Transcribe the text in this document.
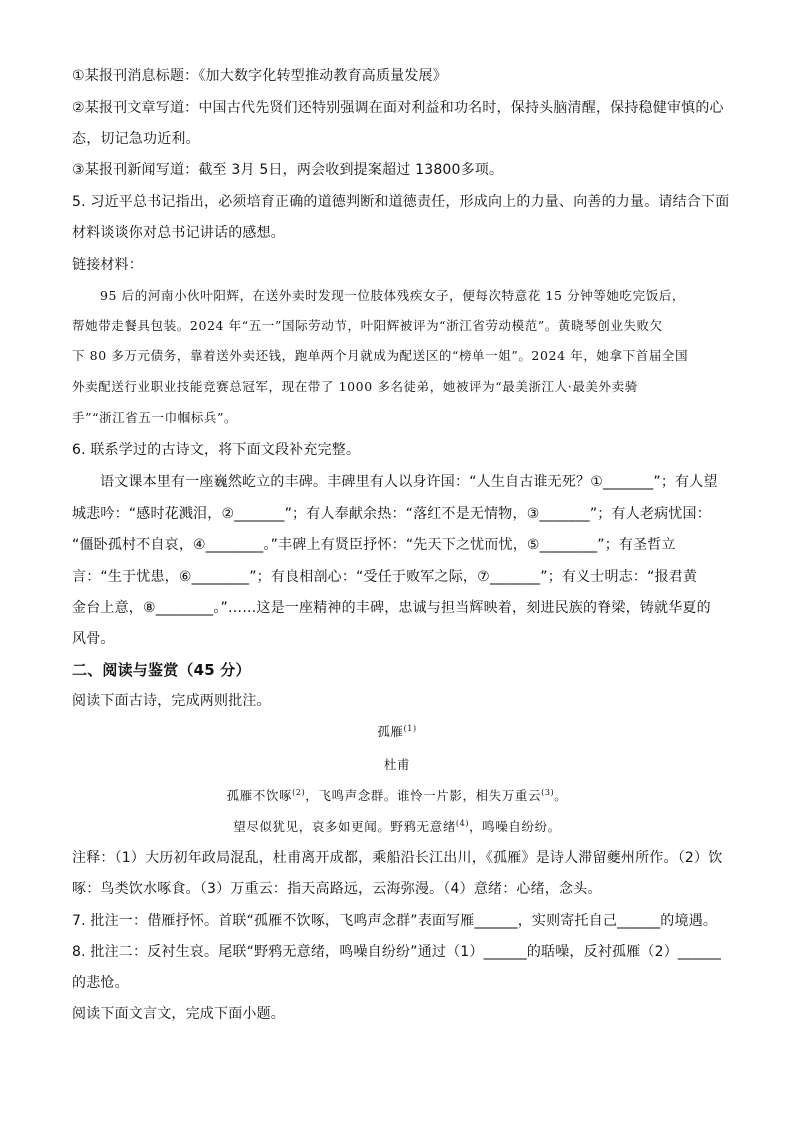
①某报刊消息标题：《加大数字化转型推动教育高质量发展》
②某报刊文章写道：中国古代先贤们还特别强调在面对利益和功名时，保持头脑清醒，保持稳健审慎的心
态，切记急功近利。
③某报刊新闻写道：截至 3月 5日，两会收到提案超过 13800多项。
5. 习近平总书记指出，必须培育正确的道德判断和道德责任，形成向上的力量、向善的力量。请结合下面
材料谈谈你对总书记讲话的感想。
链接材料：
95 后的河南小伙叶阳辉，在送外卖时发现一位肢体残疾女子，便每次特意花 15 分钟等她吃完饭后，
帮她带走餐具包装。2024 年“五一”国际劳动节，叶阳辉被评为“浙江省劳动模范”。黄晓琴创业失败欠
下 80 多万元债务，靠着送外卖还钱，跑单两个月就成为配送区的“榜单一姐”。2024 年，她拿下首届全国
外卖配送行业职业技能竞赛总冠军，现在带了 1000 多名徒弟，她被评为“最美浙江人·最美外卖骑
手”“浙江省五一巾帼标兵”。
6. 联系学过的古诗文，将下面文段补充完整。
语文课本里有一座巍然屹立的丰碑。丰碑里有人以身许国：“人生自古谁无死？①_______”；有人望
城悲吟：“感时花溅泪，②_______”；有人奉献余热：“落红不是无情物，③_______”；有人老病忧国：
“僵卧孤村不自哀，④________。”丰碑上有贤臣抒怀：“先天下之忧而忧，⑤________”；有圣哲立
言：“生于忧患，⑥________”；有良相剖心：“受任于败军之际，⑦_______”；有义士明志：“报君黄
金台上意，⑧________。”……这是一座精神的丰碑，忠诚与担当辉映着，刻进民族的脊梁，铸就华夏的
风骨。
二、阅读与鉴赏（45 分）
阅读下面古诗，完成两则批注。
孤雁$^{(1)}$
杜甫
孤雁不饮啄$^{(2)}$，飞鸣声念群。谁怜一片影，相失万重云$^{(3)}$。
望尽似犹见，哀多如更闻。野鸦无意绪$^{(4)}$，鸣噪自纷纷。
注释：（1）大历初年政局混乱，杜甫离开成都，乘船沿长江出川，《孤雁》是诗人滞留夔州所作。（2）饮
啄：鸟类饮水啄食。（3）万重云：指天高路远，云海弥漫。（4）意绪：心绪，念头。
7. 批注一：借雁抒怀。首联“孤雁不饮啄，飞鸣声念群”表面写雁______，实则寄托自己______的境遇。
8. 批注二：反衬生哀。尾联“野鸦无意绪，鸣噪自纷纷”通过（1）______的聒噪，反衬孤雁（2）______
的悲怆。
阅读下面文言文，完成下面小题。
